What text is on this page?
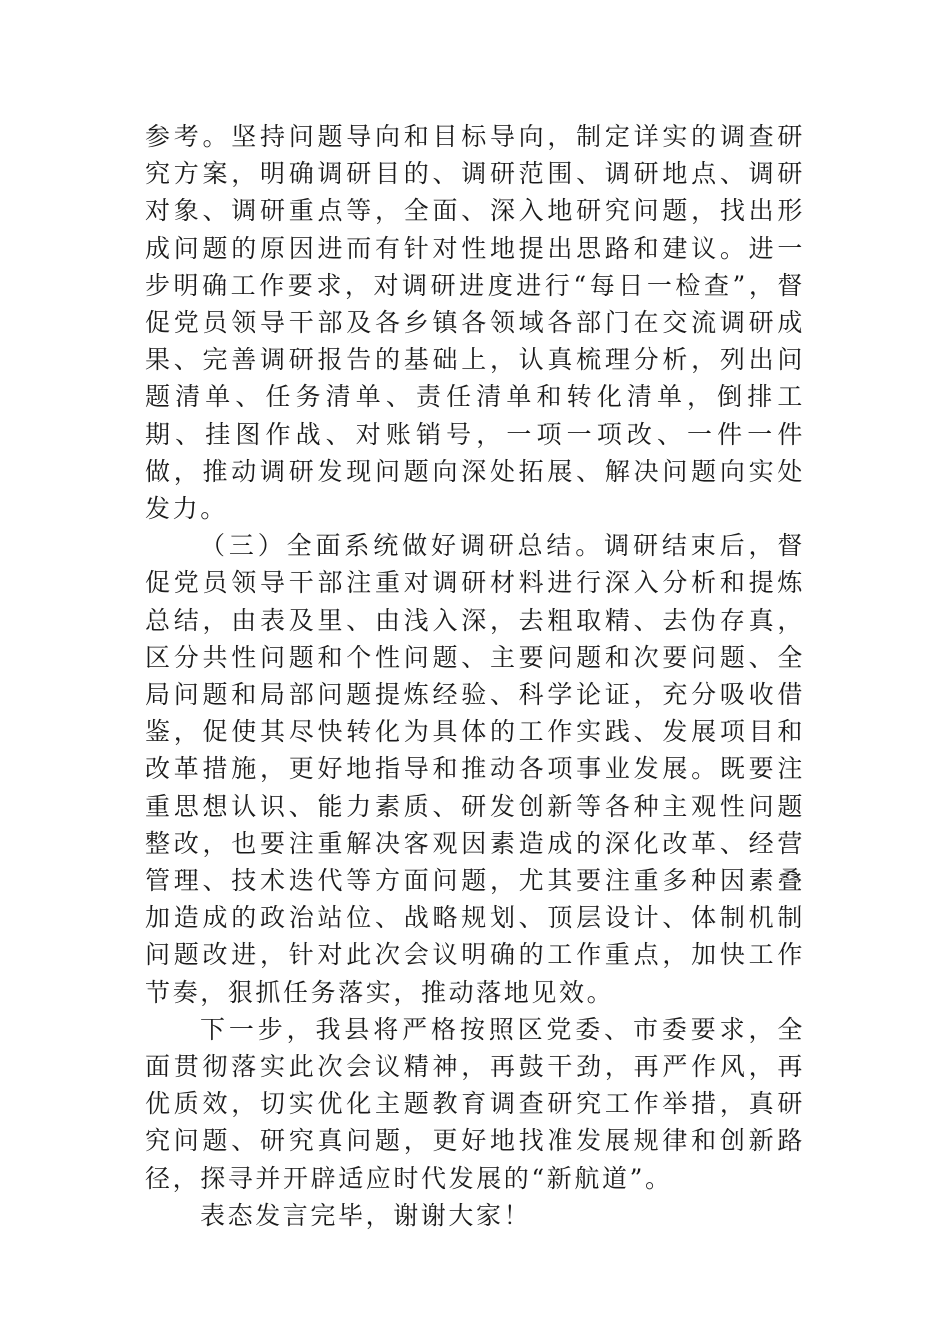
参考。坚持问题导向和目标导向，制定详实的调查研究方案，明确调研目的、调研范围、调研地点、调研对象、调研重点等，全面、深入地研究问题，找出形成问题的原因进而有针对性地提出思路和建议。进一步明确工作要求，对调研进度进行“每日一检查”，督促党员领导干部及各乡镇各领域各部门在交流调研成果、完善调研报告的基础上，认真梳理分析，列出问题清单、任务清单、责任清单和转化清单，倒排工期、挂图作战、对账销号，一项一项改、一件一件做，推动调研发现问题向深处拓展、解决问题向实处发力。

（三）全面系统做好调研总结。调研结束后，督促党员领导干部注重对调研材料进行深入分析和提炼总结，由表及里、由浅入深，去粗取精、去伪存真，区分共性问题和个性问题、主要问题和次要问题、全局问题和局部问题提炼经验、科学论证，充分吸收借鉴，促使其尽快转化为具体的工作实践、发展项目和改革措施，更好地指导和推动各项事业发展。既要注重思想认识、能力素质、研发创新等各种主观性问题整改，也要注重解决客观因素造成的深化改革、经营管理、技术迭代等方面问题，尤其要注重多种因素叠加造成的政治站位、战略规划、顶层设计、体制机制问题改进，针对此次会议明确的工作重点，加快工作节奏，狠抓任务落实，推动落地见效。

下一步，我县将严格按照区党委、市委要求，全面贯彻落实此次会议精神，再鼓干劲，再严作风，再优质效，切实优化主题教育调查研究工作举措，真研究问题、研究真问题，更好地找准发展规律和创新路径，探寻并开辟适应时代发展的“新航道”。

表态发言完毕，谢谢大家！
